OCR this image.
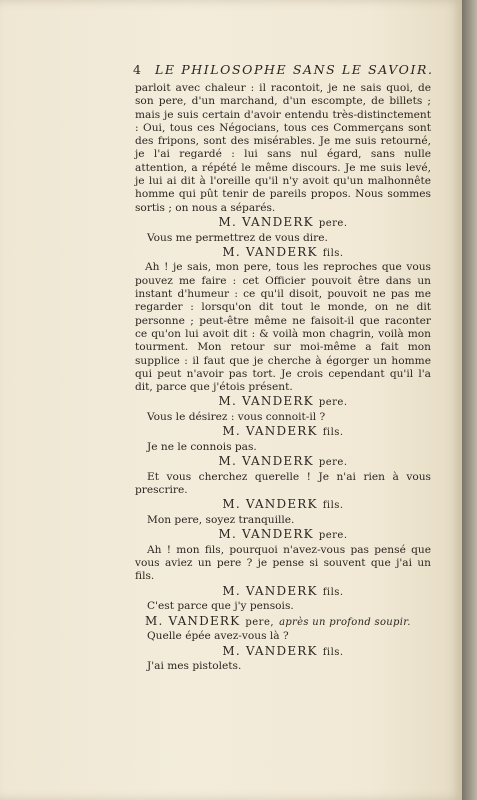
4 LE PHILOSOPHE SANS LE SAVOIR.

parloit avec chaleur : il racontoit, je ne sais quoi, de son pere, d'un marchand, d'un escompte, de billets ; mais je suis certain d'avoir entendu très-distinctement : Oui, tous ces Négocians, tous ces Commerçans sont des fripons, sont des misérables. Je me suis retourné, je l'ai regardé : lui sans nul égard, sans nulle attention, a répété le même discours. Je me suis levé, je lui ai dit à l'oreille qu'il n'y avoit qu'un malhonnête homme qui pût tenir de pareils propos. Nous sommes sortis ; on nous a séparés.

M. VANDERK pere.

Vous me permettrez de vous dire.

M. VANDERK fils.

Ah ! je sais, mon pere, tous les reproches que vous pouvez me faire : cet Officier pouvoit être dans un instant d'humeur : ce qu'il disoit, pouvoit ne pas me regarder : lorsqu'on dit tout le monde, on ne dit personne ; peut-être même ne faisoit-il que raconter ce qu'on lui avoit dit : & voilà mon chagrin, voilà mon tourment. Mon retour sur moi-même a fait mon supplice : il faut que je cherche à égorger un homme qui peut n'avoir pas tort. Je crois cependant qu'il l'a dit, parce que j'étois présent.

M. VANDERK pere.

Vous le désirez : vous connoit-il ?

M. VANDERK fils.

Je ne le connois pas.

M. VANDERK pere.

Et vous cherchez querelle ! Je n'ai rien à vous prescrire.

M. VANDERK fils.

Mon pere, soyez tranquille.

M. VANDERK pere.

Ah ! mon fils, pourquoi n'avez-vous pas pensé que vous aviez un pere ? je pense si souvent que j'ai un fils.

M. VANDERK fils.

C'est parce que j'y pensois.

M. VANDERK pere, après un profond soupir.

Quelle épée avez-vous là ?

M. VANDERK fils.

J'ai mes pistolets.
